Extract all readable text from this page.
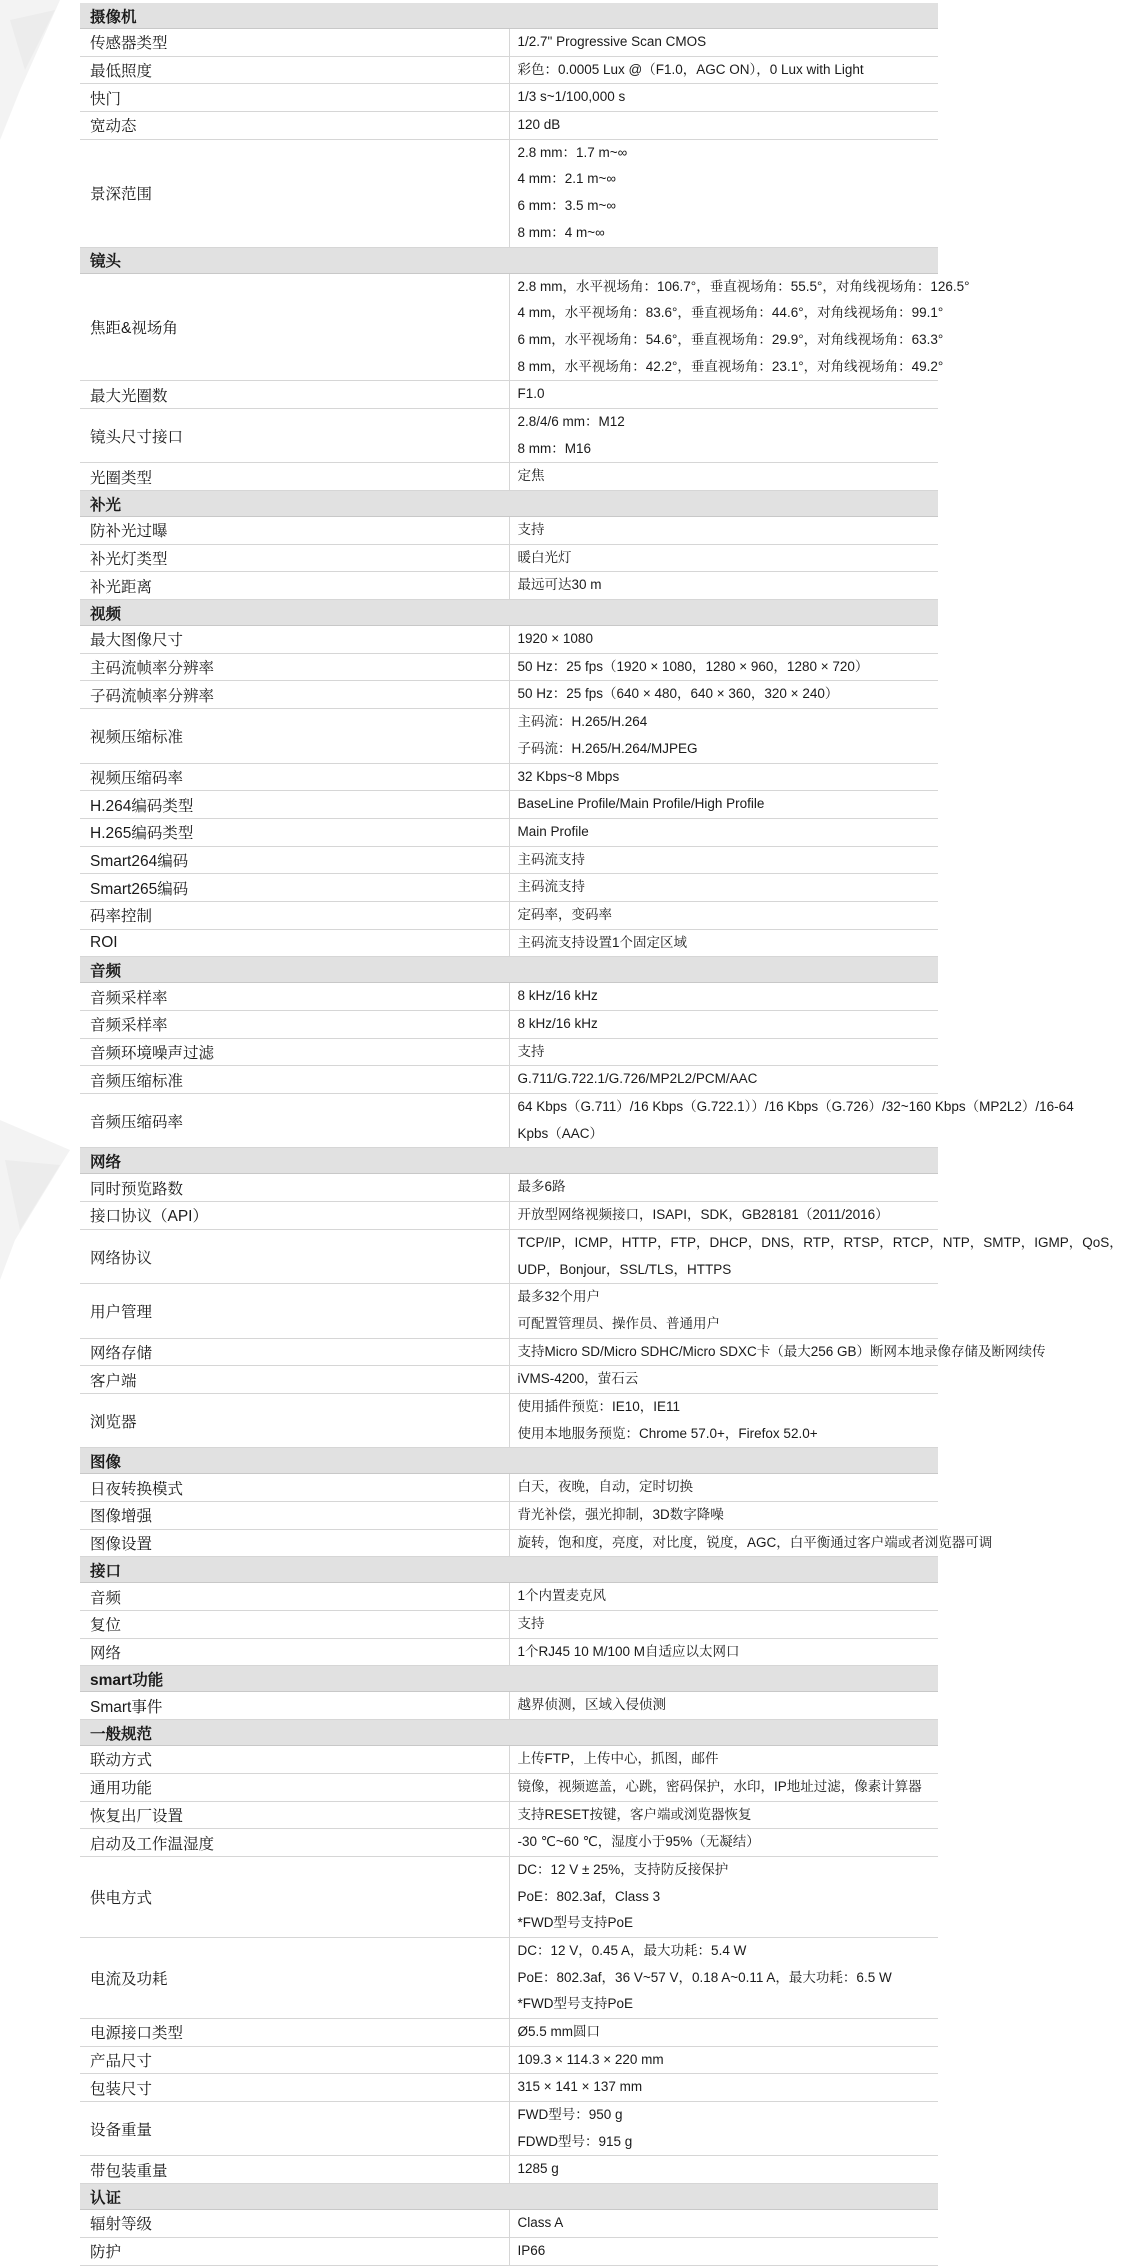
摄像机	
传感器类型	1/2.7" Progressive Scan CMOS

最低照度	彩色：0.0005 Lux @（F1.0，AGC ON），0 Lux with Light

快门	1/3 s~1/100,000 s

宽动态	120 dB

景深范围	2.8 mm：1.7 m~∞
4 mm：2.1 m~∞
6 mm：3.5 m~∞
8 mm：4 m~∞

镜头	
焦距&视场角	2.8 mm，水平视场角：106.7°，垂直视场角：55.5°，对角线视场角：126.5°
4 mm，水平视场角：83.6°，垂直视场角：44.6°，对角线视场角：99.1°
6 mm，水平视场角：54.6°，垂直视场角：29.9°，对角线视场角：63.3°
8 mm，水平视场角：42.2°，垂直视场角：23.1°，对角线视场角：49.2°

最大光圈数	F1.0

镜头尺寸接口	2.8/4/6 mm：M12
8 mm：M16

光圈类型	定焦

补光	
防补光过曝	支持

补光灯类型	暖白光灯

补光距离	最远可达30 m

视频	
最大图像尺寸	1920 × 1080

主码流帧率分辨率	50 Hz：25 fps（1920 × 1080，1280 × 960，1280 × 720）

子码流帧率分辨率	50 Hz：25 fps（640 × 480，640 × 360，320 × 240）

视频压缩标准	主码流：H.265/H.264
子码流：H.265/H.264/MJPEG

视频压缩码率	32 Kbps~8 Mbps

H.264编码类型	BaseLine Profile/Main Profile/High Profile

H.265编码类型	Main Profile

Smart264编码	主码流支持

Smart265编码	主码流支持

码率控制	定码率，变码率

ROI	主码流支持设置1个固定区域

音频	
音频采样率	8 kHz/16 kHz

音频采样率	8 kHz/16 kHz

音频环境噪声过滤	支持

音频压缩标准	G.711/G.722.1/G.726/MP2L2/PCM/AAC

音频压缩码率	64 Kbps（G.711）/16 Kbps（G.722.1））/16 Kbps（G.726）/32~160 Kbps（MP2L2）/16-64
Kpbs（AAC）

网络	
同时预览路数	最多6路

接口协议（API）	开放型网络视频接口，ISAPI，SDK，GB28181（2011/2016）

网络协议	TCP/IP，ICMP，HTTP，FTP，DHCP，DNS，RTP，RTSP，RTCP，NTP，SMTP，IGMP，QoS，
UDP，Bonjour，SSL/TLS，HTTPS

用户管理	最多32个用户
可配置管理员、操作员、普通用户

网络存储	支持Micro SD/Micro SDHC/Micro SDXC卡（最大256 GB）断网本地录像存储及断网续传

客户端	iVMS-4200，萤石云

浏览器	使用插件预览：IE10，IE11
使用本地服务预览：Chrome 57.0+，Firefox 52.0+

图像	
日夜转换模式	白天，夜晚，自动，定时切换

图像增强	背光补偿，强光抑制，3D数字降噪

图像设置	旋转，饱和度，亮度，对比度，锐度，AGC，白平衡通过客户端或者浏览器可调

接口	
音频	1个内置麦克风

复位	支持

网络	1个RJ45 10 M/100 M自适应以太网口

smart功能	
Smart事件	越界侦测，区域入侵侦测

一般规范	
联动方式	上传FTP，上传中心，抓图，邮件

通用功能	镜像，视频遮盖，心跳，密码保护，水印，IP地址过滤，像素计算器

恢复出厂设置	支持RESET按键，客户端或浏览器恢复

启动及工作温湿度	-30 ℃~60 ℃，湿度小于95%（无凝结）

供电方式	DC：12 V ± 25%，支持防反接保护
PoE：802.3af，Class 3
*FWD型号支持PoE

电流及功耗	DC：12 V，0.45 A，最大功耗：5.4 W
PoE：802.3af，36 V~57 V，0.18 A~0.11 A，最大功耗：6.5 W
*FWD型号支持PoE

电源接口类型	Ø5.5 mm圆口

产品尺寸	109.3 × 114.3 × 220 mm

包装尺寸	315 × 141 × 137 mm

设备重量	FWD型号：950 g
FDWD型号：915 g

带包装重量	1285 g

认证	
辐射等级	Class A

防护	IP66
